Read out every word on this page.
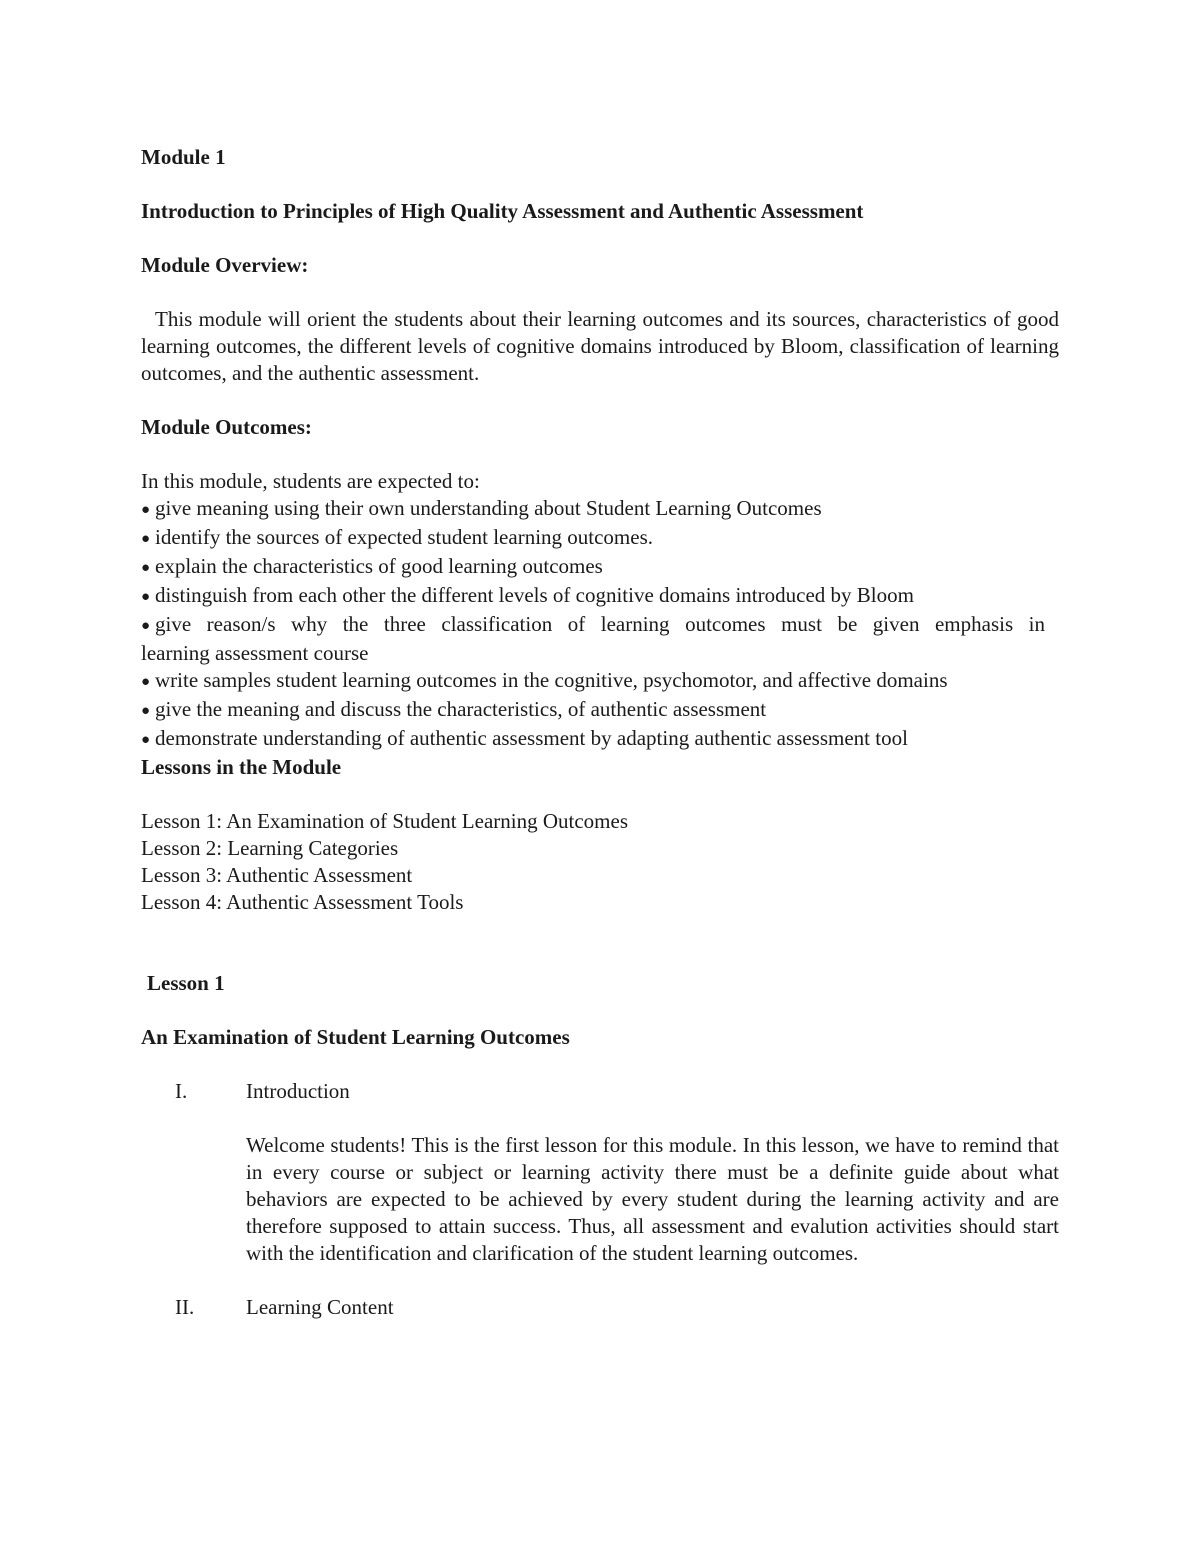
Module 1

Introduction to Principles of High Quality Assessment and Authentic Assessment

Module Overview:

This module will orient the students about their learning outcomes and its sources, characteristics of good learning outcomes, the different levels of cognitive domains introduced by Bloom, classification of learning outcomes, and the authentic assessment.

Module Outcomes:

In this module, students are expected to:

● give meaning using their own understanding about Student Learning Outcomes
● identify the sources of expected student learning outcomes.
● explain the characteristics of good learning outcomes
● distinguish from each other the different levels of cognitive domains introduced by Bloom
● give reason/s why the three classification of learning outcomes must be given emphasis in
learning assessment course
● write samples student learning outcomes in the cognitive, psychomotor, and affective domains
● give the meaning and discuss the characteristics, of authentic assessment
● demonstrate understanding of authentic assessment by adapting authentic assessment tool

Lessons in the Module

Lesson 1: An Examination of Student Learning Outcomes
Lesson 2: Learning Categories
Lesson 3: Authentic Assessment
Lesson 4: Authentic Assessment Tools

Lesson 1

An Examination of Student Learning Outcomes

I.	Introduction

Welcome students! This is the first lesson for this module. In this lesson, we have to remind that in every course or subject or learning activity there must be a definite guide about what behaviors are expected to be achieved by every student during the learning activity and are therefore supposed to attain success. Thus, all assessment and evalution activities should start with the identification and clarification of the student learning outcomes.

II.	Learning Content
